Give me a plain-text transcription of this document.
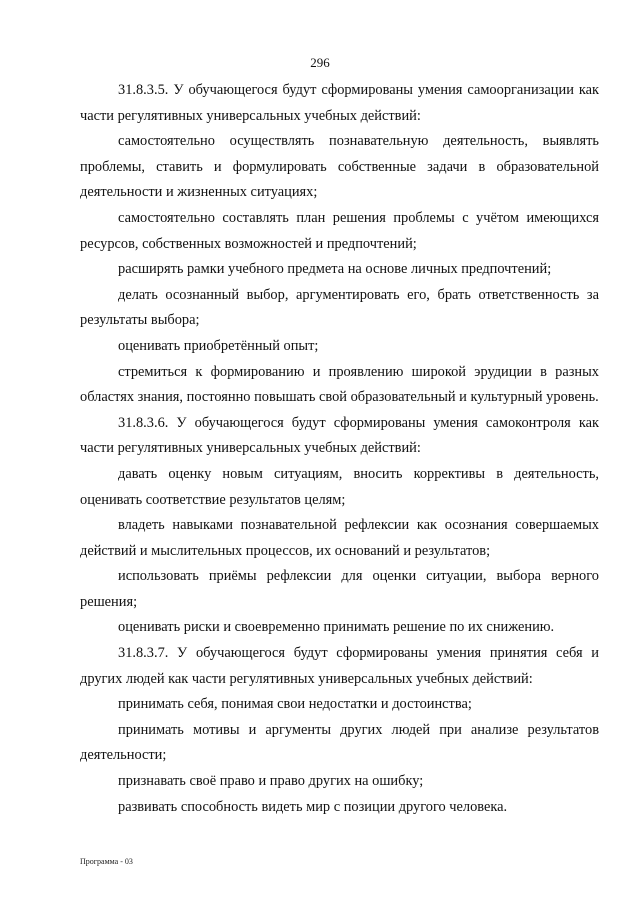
296

31.8.3.5. У обучающегося будут сформированы умения самоорганизации как части регулятивных универсальных учебных действий:

самостоятельно осуществлять познавательную деятельность, выявлять проблемы, ставить и формулировать собственные задачи в образовательной деятельности и жизненных ситуациях;

самостоятельно составлять план решения проблемы с учётом имеющихся ресурсов, собственных возможностей и предпочтений;

расширять рамки учебного предмета на основе личных предпочтений;

делать осознанный выбор, аргументировать его, брать ответственность за результаты выбора;

оценивать приобретённый опыт;

стремиться к формированию и проявлению широкой эрудиции в разных областях знания, постоянно повышать свой образовательный и культурный уровень.

31.8.3.6. У обучающегося будут сформированы умения самоконтроля как части регулятивных универсальных учебных действий:

давать оценку новым ситуациям, вносить коррективы в деятельность, оценивать соответствие результатов целям;

владеть навыками познавательной рефлексии как осознания совершаемых действий и мыслительных процессов, их оснований и результатов;

использовать приёмы рефлексии для оценки ситуации, выбора верного решения;

оценивать риски и своевременно принимать решение по их снижению.

31.8.3.7. У обучающегося будут сформированы умения принятия себя и других людей как части регулятивных универсальных учебных действий:

принимать себя, понимая свои недостатки и достоинства;

принимать мотивы и аргументы других людей при анализе результатов деятельности;

признавать своё право и право других на ошибку;

развивать способность видеть мир с позиции другого человека.

Программа - 03
